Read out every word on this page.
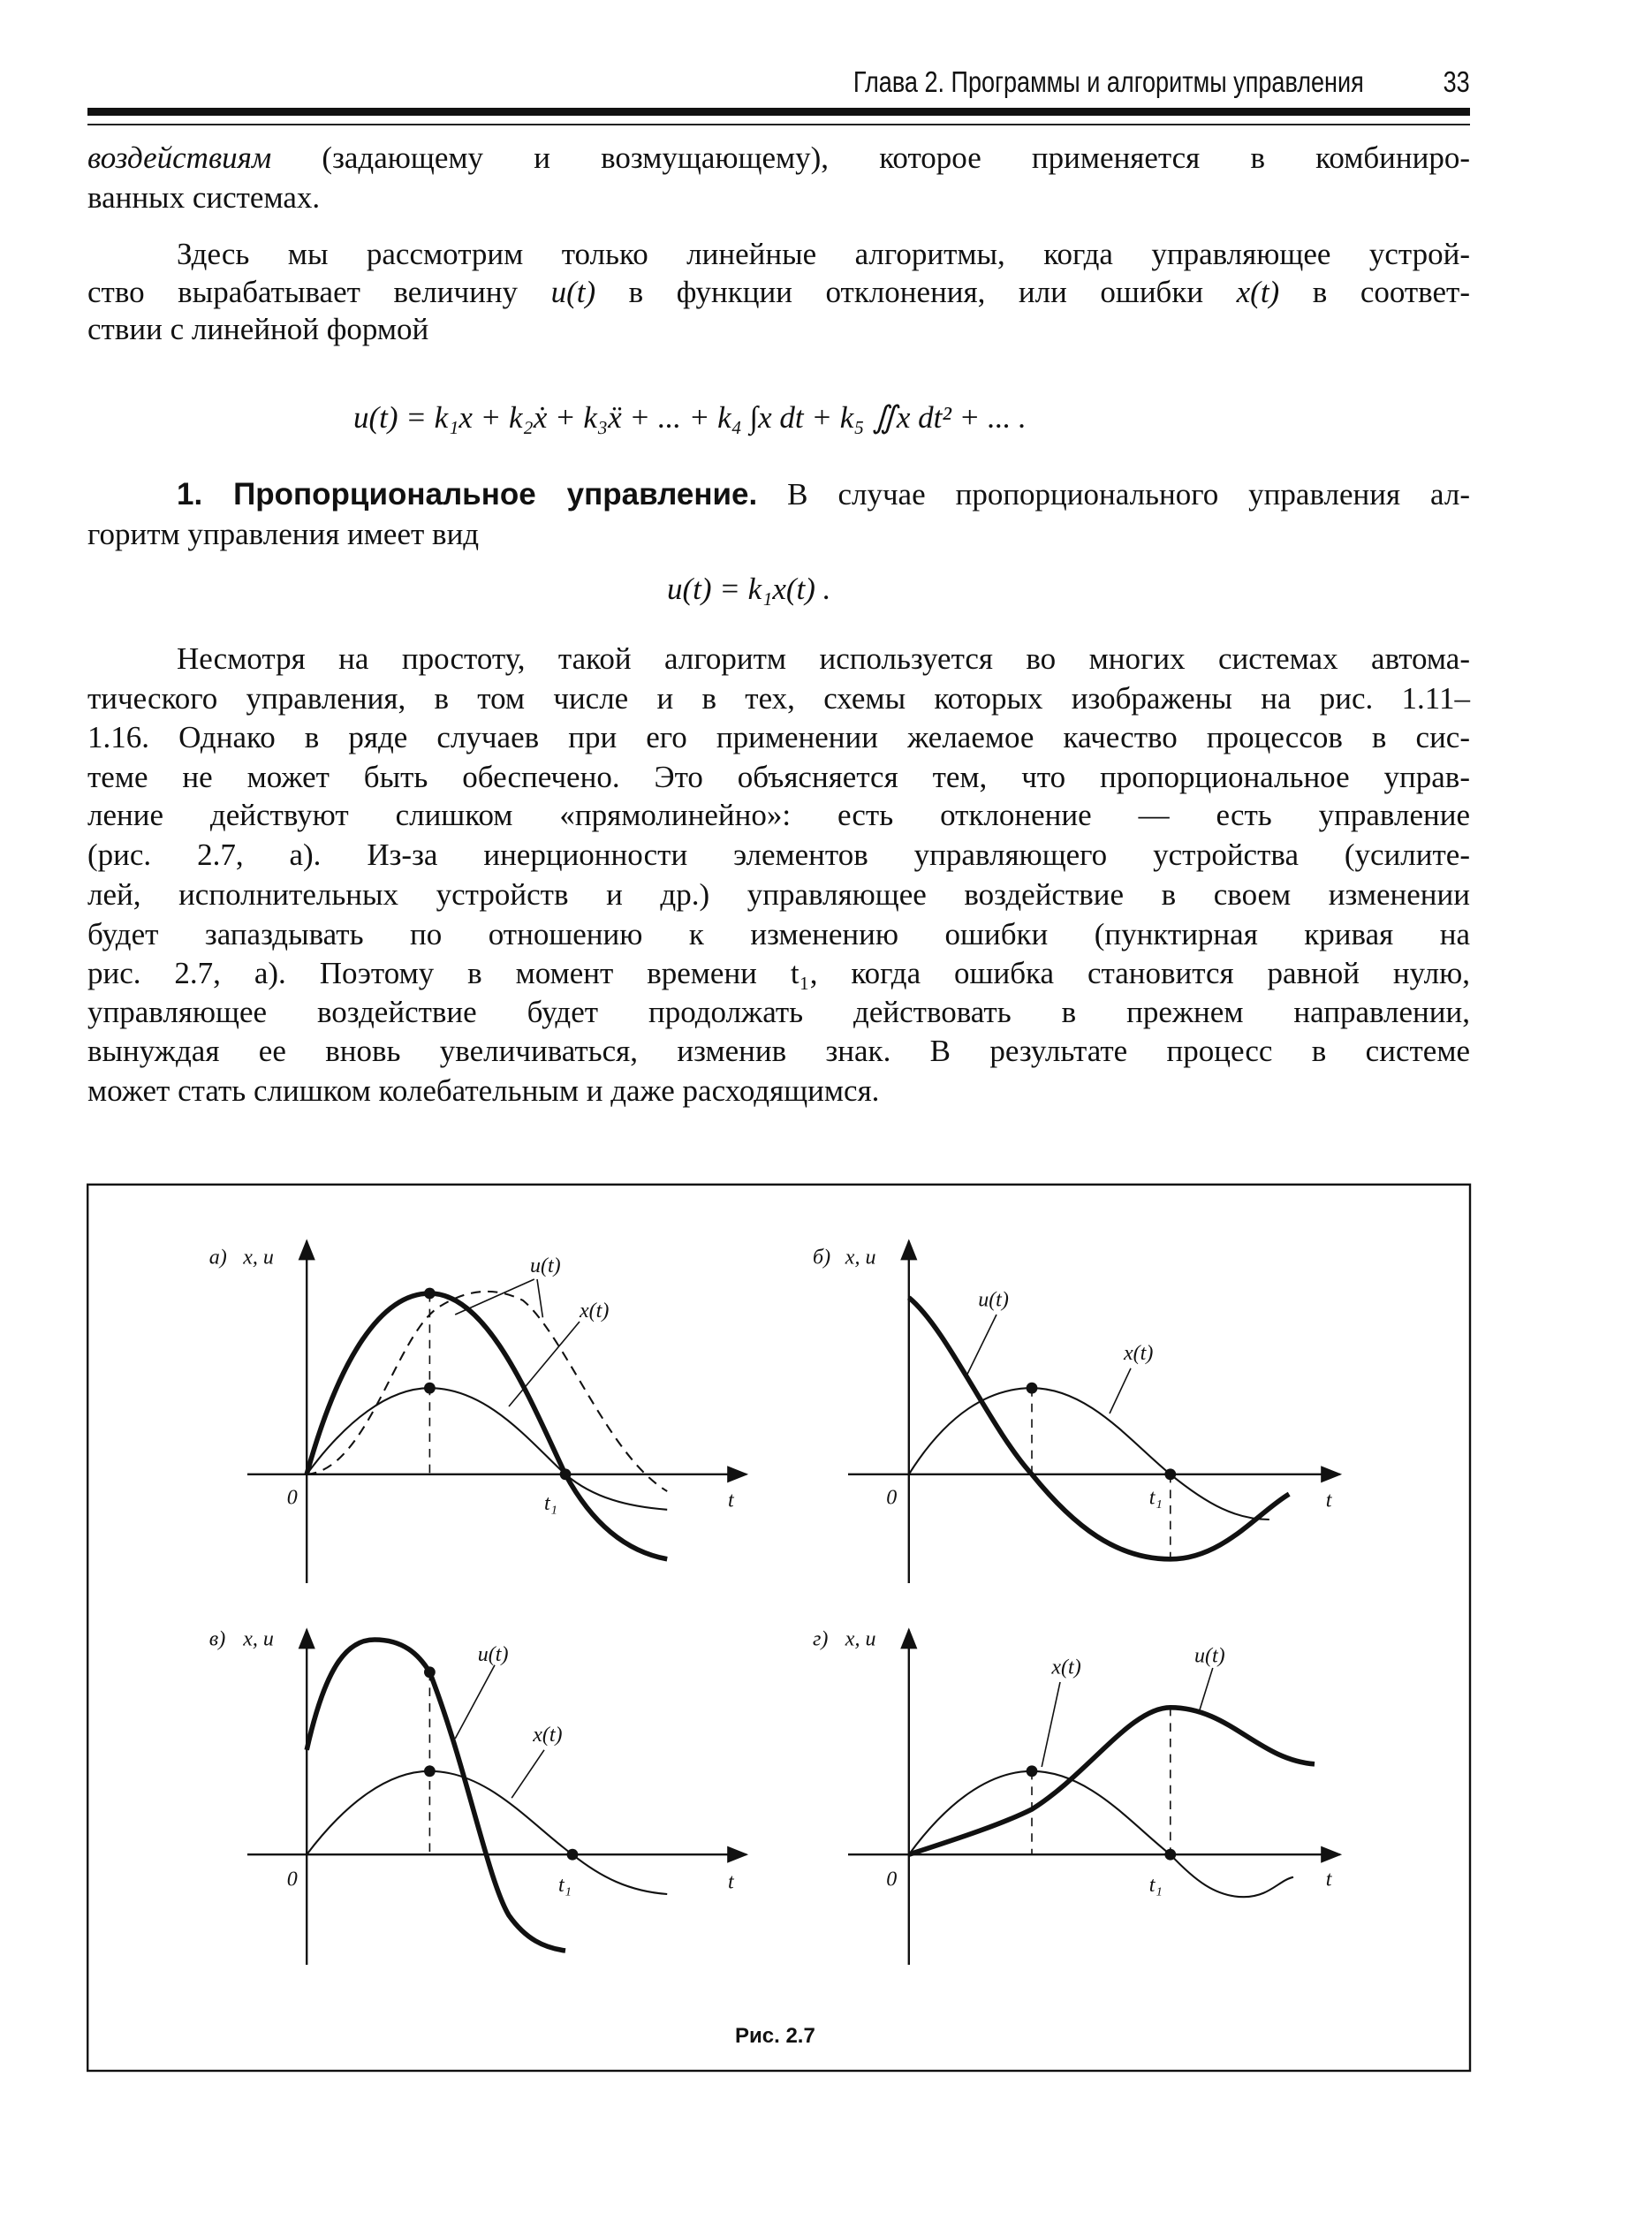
Глава 2. Программы и алгоритмы управления	33
воздействиям (задающему и возмущающему), которое применяется в комбиниро-
ванных системах.
Здесь мы рассмотрим только линейные алгоритмы, когда управляющее устрой-
ство вырабатывает величину u(t) в функции отклонения, или ошибки x(t) в соответ-
ствии с линейной формой
u(t) = k₁x + k₂ẋ + k₃ẍ + ... + k₄ ∫x dt + k₅ ∬x dt² + ... .
1. Пропорциональное управление. В случае пропорционального управления ал-
горитм управления имеет вид
u(t) = k₁x(t) .
Несмотря на простоту, такой алгоритм используется во многих системах автома-
тического управления, в том числе и в тех, схемы которых изображены на рис. 1.11–
1.16. Однако в ряде случаев при его применении желаемое качество процессов в сис-
теме не может быть обеспечено. Это объясняется тем, что пропорциональное управ-
ление действуют слишком «прямолинейно»: есть отклонение — есть управление
(рис. 2.7, а). Из-за инерционности элементов управляющего устройства (усилите-
лей, исполнительных устройств и др.) управляющее воздействие в своем изменении
будет запаздывать по отношению к изменению ошибки (пунктирная кривая на
рис. 2.7, а). Поэтому в момент времени t₁, когда ошибка становится равной нулю,
управляющее воздействие будет продолжать действовать в прежнем направлении,
вынуждая ее вновь увеличиваться, изменив знак. В результате процесс в системе
может стать слишком колебательным и даже расходящимся.
а) x, u
0	t₁	t
u(t)
x(t)
б) x, u
0	t₁	t
u(t)
x(t)
в) x, u
0	t₁	t
u(t)
x(t)
г) x, u
0	t₁	t
x(t)	u(t)
Рис. 2.7
